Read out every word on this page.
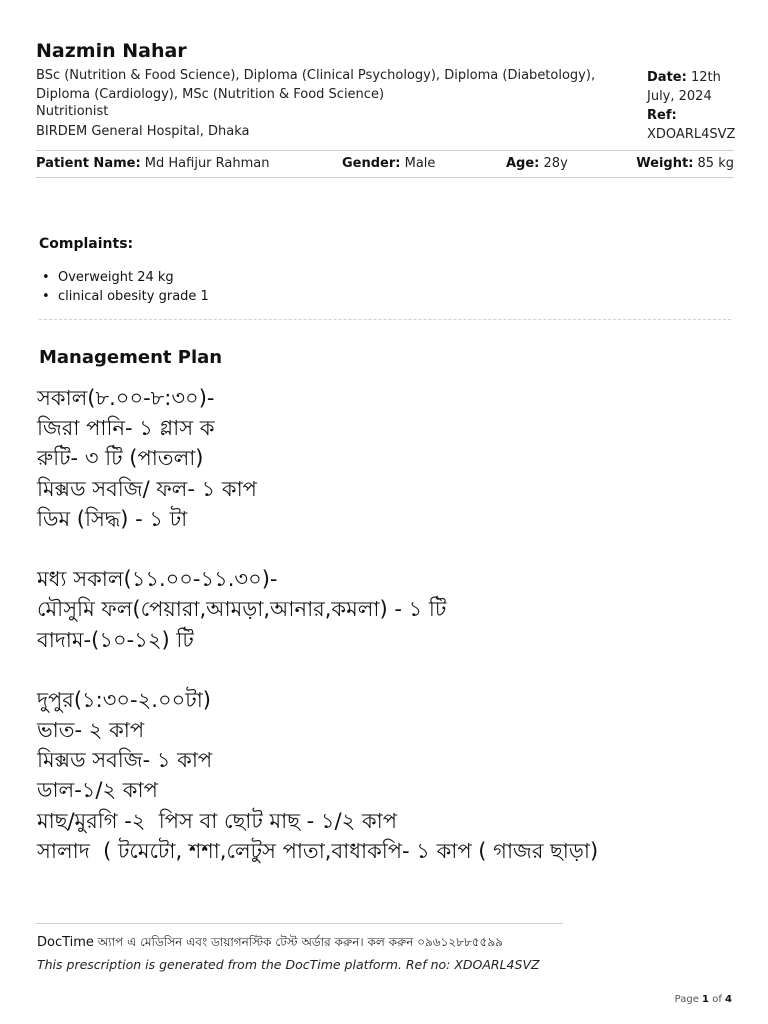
Nazmin Nahar
BSc (Nutrition & Food Science), Diploma (Clinical Psychology), Diploma (Diabetology), Diploma (Cardiology), MSc (Nutrition & Food Science)
Nutritionist
BIRDEM General Hospital, Dhaka
Date: 12th July, 2024
Ref:
XDOARL4SVZ
Patient Name: Md Hafijur Rahman	Gender: Male	Age: 28y	Weight: 85 kg
Complaints:
• Overweight 24 kg
• clinical obesity grade 1
Management Plan
সকাল(৮.০০-৮:৩০)-
জিরা পানি- ১ গ্লাস ক
রুটি- ৩ টি (পাতলা)
মিক্সড সবজি/ ফল- ১ কাপ
ডিম (সিদ্ধ) - ১ টা
মধ্য সকাল(১১.০০-১১.৩০)-
মৌসুমি ফল(পেয়ারা,আমড়া,আনার,কমলা) - ১ টি
বাদাম-(১০-১২) টি
দুপুর(১:৩০-২.০০টা)
ভাত- ২ কাপ
মিক্সড সবজি- ১ কাপ
ডাল-১/২ কাপ
মাছ/মুরগি -২  পিস বা ছোট মাছ - ১/২ কাপ
সালাদ  ( টমেটো, শশা,লেটুস পাতা,বাধাকপি- ১ কাপ ( গাজর ছাড়া)
DocTime অ্যাপ এ মেডিসিন এবং ডায়াগনস্টিক টেস্ট অর্ডার করুন। কল করুন ০৯৬১২৮৮৫৫৯৯
This prescription is generated from the DocTime platform. Ref no: XDOARL4SVZ
Page 1 of 4
